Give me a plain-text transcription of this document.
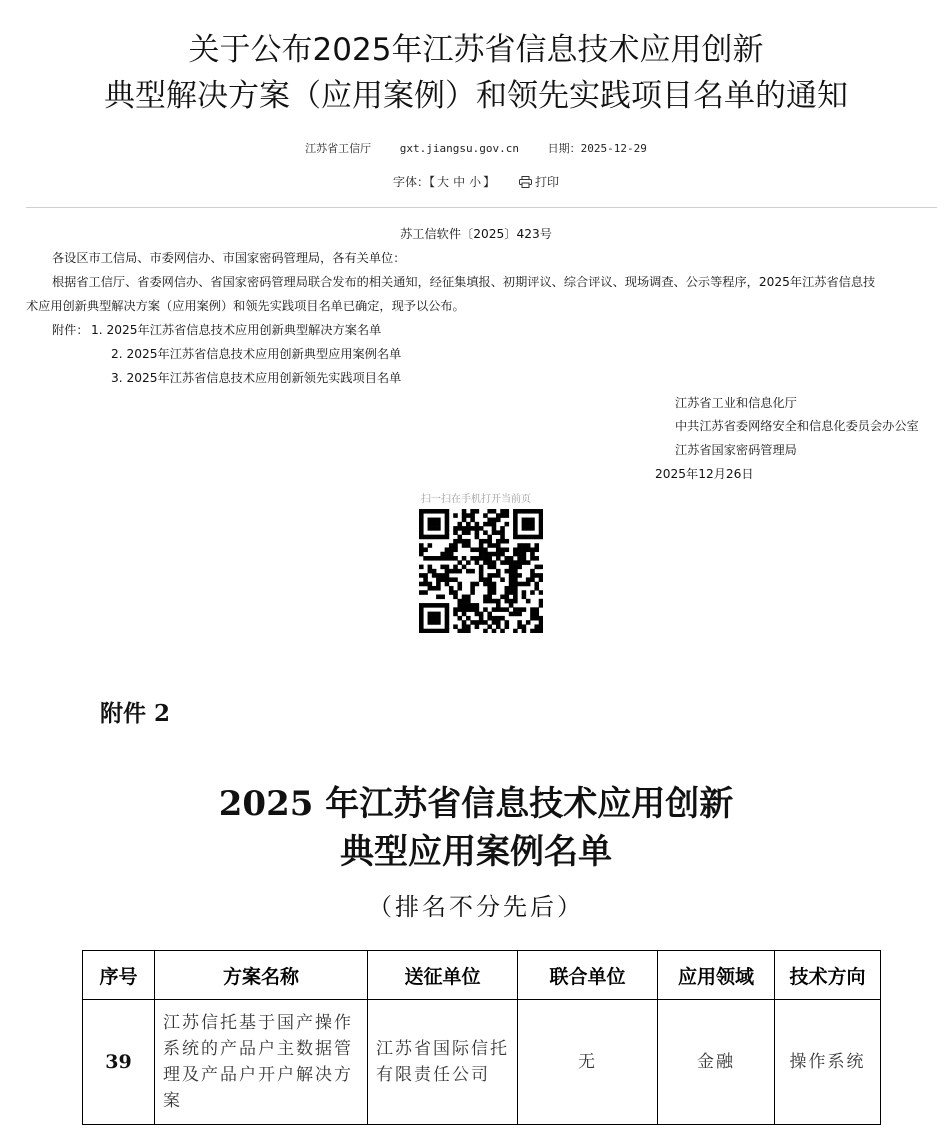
关于公布2025年江苏省信息技术应用创新
典型解决方案（应用案例）和领先实践项目名单的通知
江苏省工信厅	gxt.jiangsu.gov.cn	日期：2025-12-29
字体：【 大 中 小 】	打印
苏工信软件〔2025〕423号
各设区市工信局、市委网信办、市国家密码管理局，各有关单位：
根据省工信厅、省委网信办、省国家密码管理局联合发布的相关通知，经征集填报、初期评议、综合评议、现场调查、公示等程序，2025年江苏省信息技
术应用创新典型解决方案（应用案例）和领先实践项目名单已确定，现予以公布。
附件： 1. 2025年江苏省信息技术应用创新典型解决方案名单
2. 2025年江苏省信息技术应用创新典型应用案例名单
3. 2025年江苏省信息技术应用创新领先实践项目名单
江苏省工业和信息化厅
中共江苏省委网络安全和信息化委员会办公室
江苏省国家密码管理局
2025年12月26日
扫一扫在手机打开当前页
附件 2
2025 年江苏省信息技术应用创新
典型应用案例名单
（排名不分先后）
序号	方案名称	送征单位	联合单位	应用领域	技术方向
39	江苏信托基于国产操作系统的产品户主数据管理及产品户开户解决方案	江苏省国际信托有限责任公司	无	金融	操作系统
